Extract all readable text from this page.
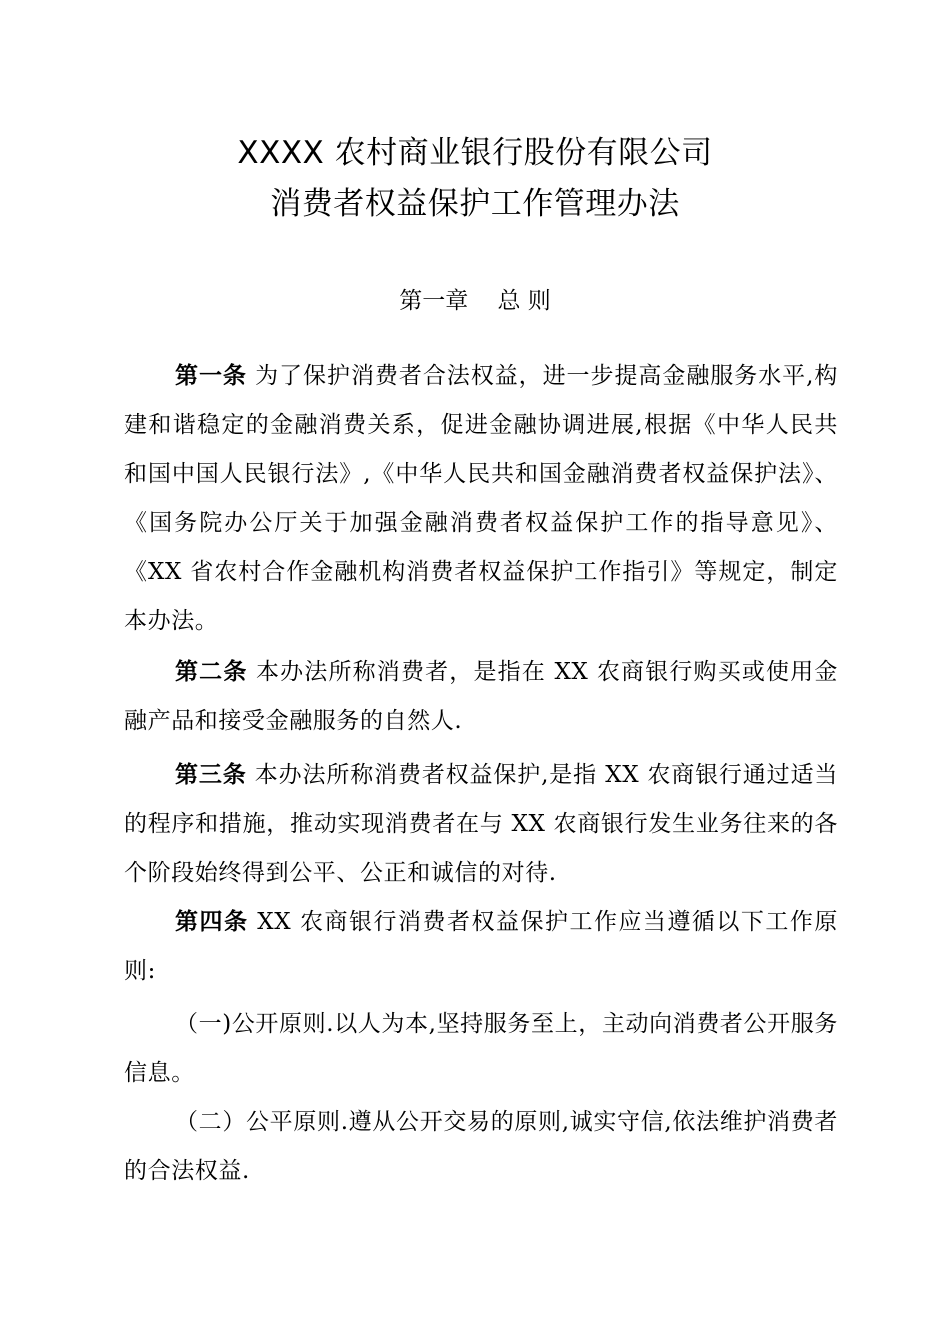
XXXX 农村商业银行股份有限公司
消费者权益保护工作管理办法
第一章    总 则
第一条 为了保护消费者合法权益，进一步提高金融服务水平,构建和谐稳定的金融消费关系，促进金融协调进展,根据《中华人民共和国中国人民银行法》,《中华人民共和国金融消费者权益保护法》、《国务院办公厅关于加强金融消费者权益保护工作的指导意见》、《XX 省农村合作金融机构消费者权益保护工作指引》等规定，制定本办法。
第二条 本办法所称消费者，是指在 XX 农商银行购买或使用金融产品和接受金融服务的自然人.
第三条 本办法所称消费者权益保护,是指 XX 农商银行通过适当的程序和措施，推动实现消费者在与 XX 农商银行发生业务往来的各个阶段始终得到公平、公正和诚信的对待.
第四条 XX 农商银行消费者权益保护工作应当遵循以下工作原则:
（一)公开原则.以人为本,坚持服务至上，主动向消费者公开服务信息。
（二）公平原则.遵从公开交易的原则,诚实守信,依法维护消费者的合法权益.
